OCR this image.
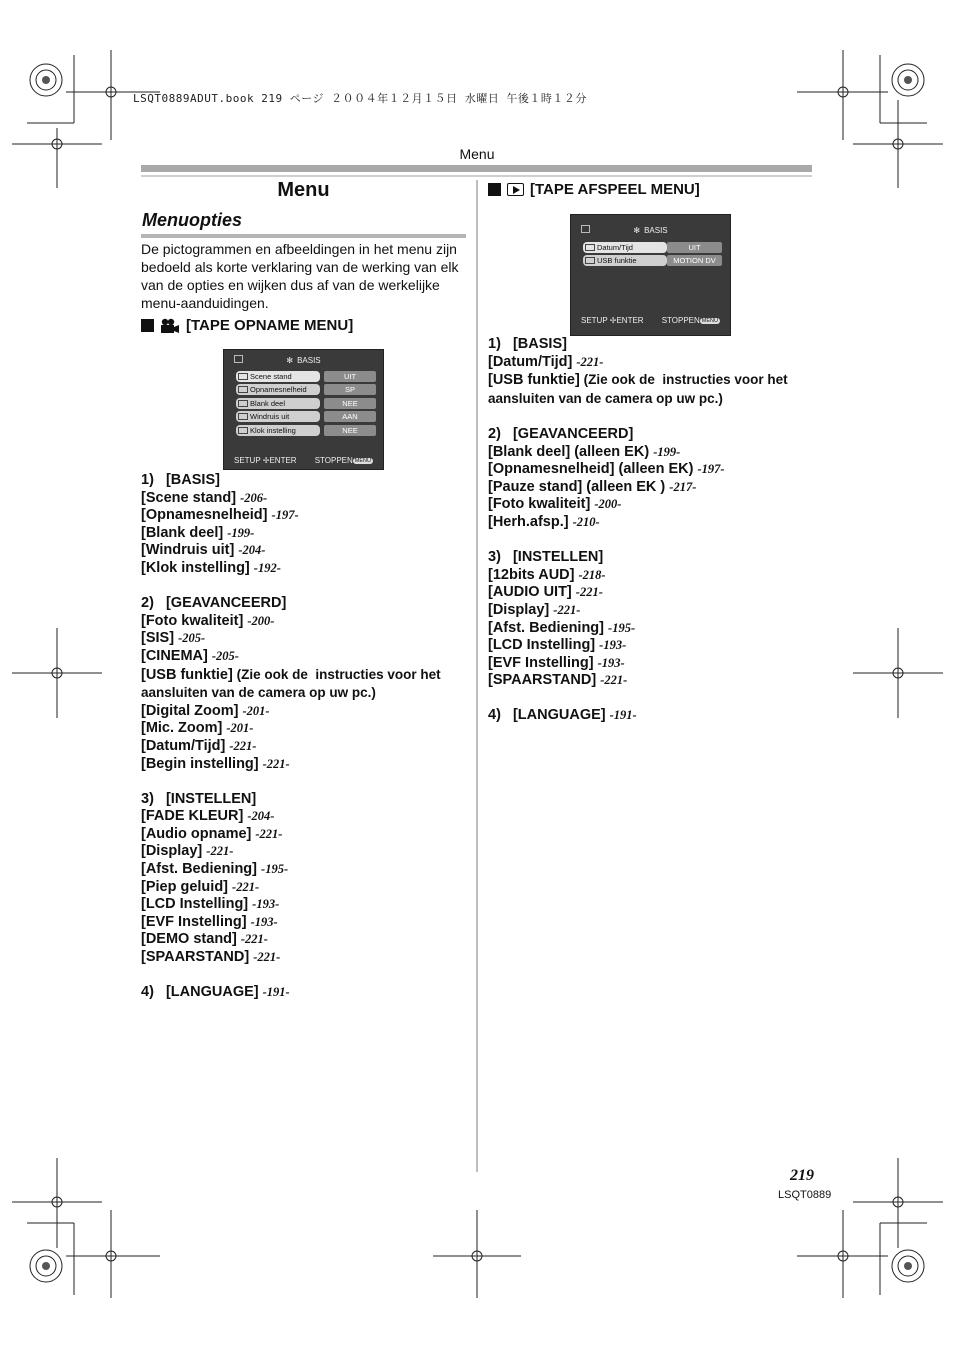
LSQT0889ADUT.book 219 ページ ２００４年１２月１５日 水曜日 午後１時１２分
Menu
Menu
Menuopties
De pictogrammen en afbeeldingen in het menu zijn bedoeld als korte verklaring van de werking van elk van de opties en wijken dus af van de werkelijke menu-aanduidingen.
[TAPE OPNAME MENU]
✻ BASIS
Scene stand	UIT
Opnamesnelheid	SP
Blank deel	NEE
Windruis uit	AAN
Klok instelling	NEE
SETUP ✢ENTER STOPPEN MENU
1)   [BASIS]
[Scene stand] -206-
[Opnamesnelheid] -197-
[Blank deel] -199-
[Windruis uit] -204-
[Klok instelling] -192-
2)   [GEAVANCEERD]
[Foto kwaliteit] -200-
[SIS] -205-
[CINEMA] -205-
[USB funktie] (Zie ook de  instructies voor het
aansluiten van de camera op uw pc.)
[Digital Zoom] -201-
[Mic. Zoom] -201-
[Datum/Tijd] -221-
[Begin instelling] -221-
3)   [INSTELLEN]
[FADE KLEUR] -204-
[Audio opname] -221-
[Display] -221-
[Afst. Bediening] -195-
[Piep geluid] -221-
[LCD Instelling] -193-
[EVF Instelling] -193-
[DEMO stand] -221-
[SPAARSTAND] -221-
4)   [LANGUAGE] -191-
[TAPE AFSPEEL MENU]
✻ BASIS
Datum/Tijd	UIT
USB funktie	MOTION DV
SETUP ✢ENTER STOPPEN MENU
1)   [BASIS]
[Datum/Tijd] -221-
[USB funktie] (Zie ook de  instructies voor het
aansluiten van de camera op uw pc.)
2)   [GEAVANCEERD]
[Blank deel] (alleen EK) -199-
[Opnamesnelheid] (alleen EK) -197-
[Pauze stand] (alleen EK ) -217-
[Foto kwaliteit] -200-
[Herh.afsp.] -210-
3)   [INSTELLEN]
[12bits AUD] -218-
[AUDIO UIT] -221-
[Display] -221-
[Afst. Bediening] -195-
[LCD Instelling] -193-
[EVF Instelling] -193-
[SPAARSTAND] -221-
4)   [LANGUAGE] -191-
219
LSQT0889
